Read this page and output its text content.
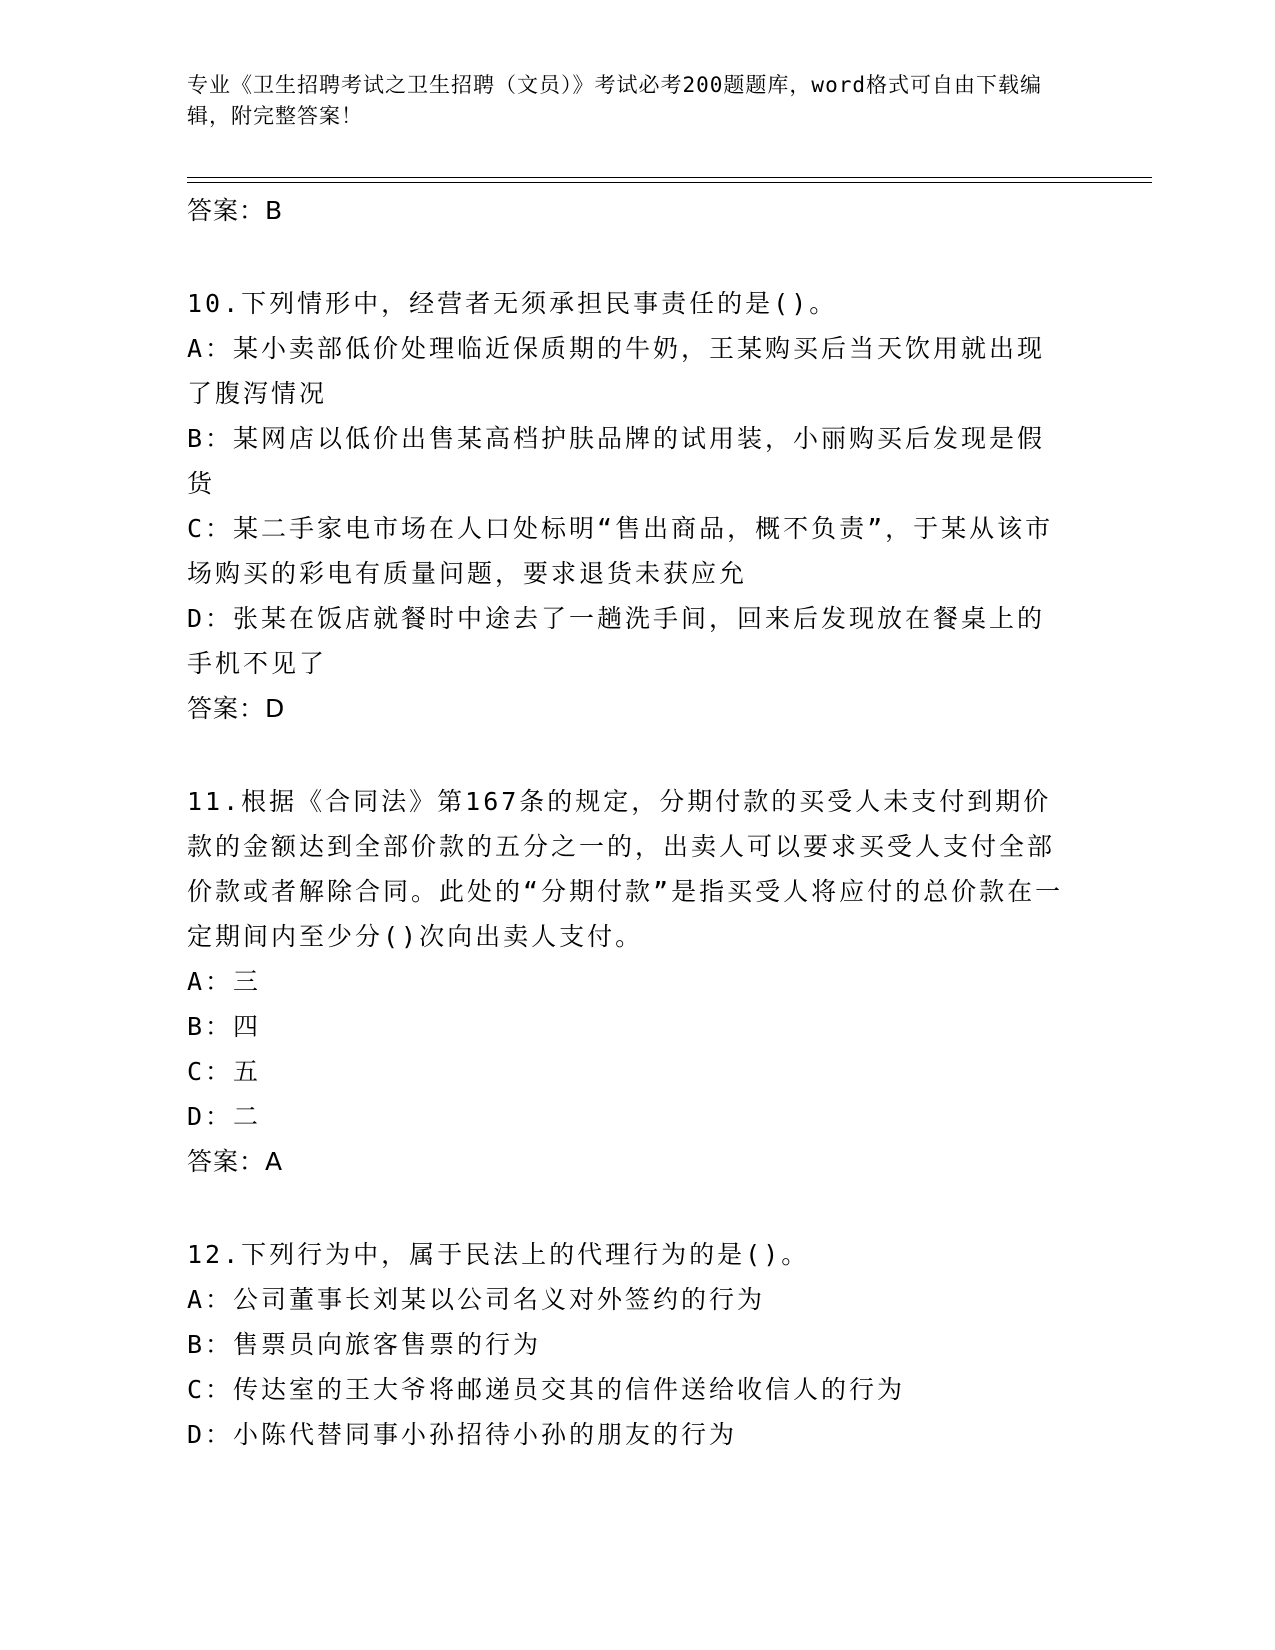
专业《卫生招聘考试之卫生招聘（文员）》考试必考200题题库，word格式可自由下载编辑，附完整答案！

答案：B

10.下列情形中，经营者无须承担民事责任的是()。

A：某小卖部低价处理临近保质期的牛奶，王某购买后当天饮用就出现了腹泻情况

B：某网店以低价出售某高档护肤品牌的试用装，小丽购买后发现是假货

C：某二手家电市场在人口处标明“售出商品，概不负责”，于某从该市场购买的彩电有质量问题，要求退货未获应允

D：张某在饭店就餐时中途去了一趟洗手间，回来后发现放在餐桌上的手机不见了

答案：D

11.根据《合同法》第167条的规定，分期付款的买受人未支付到期价款的金额达到全部价款的五分之一的，出卖人可以要求买受人支付全部价款或者解除合同。此处的“分期付款”是指买受人将应付的总价款在一定期间内至少分()次向出卖人支付。

A：三

B：四

C：五

D：二

答案：A

12.下列行为中，属于民法上的代理行为的是()。

A：公司董事长刘某以公司名义对外签约的行为

B：售票员向旅客售票的行为

C：传达室的王大爷将邮递员交其的信件送给收信人的行为

D：小陈代替同事小孙招待小孙的朋友的行为
